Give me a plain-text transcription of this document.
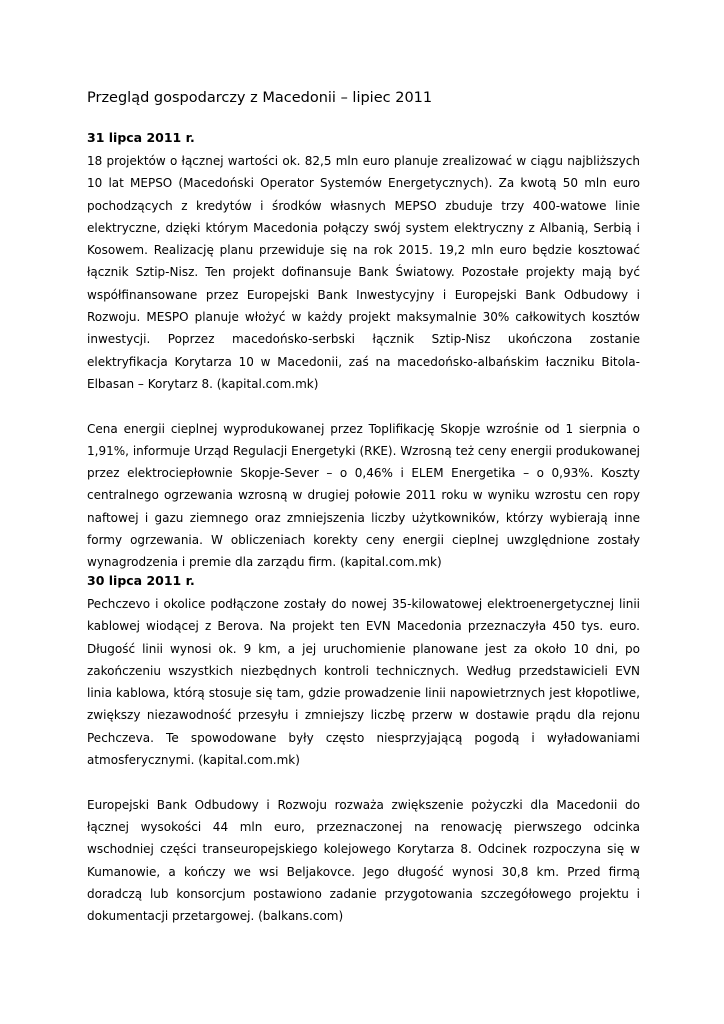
Przegląd gospodarczy z Macedonii – lipiec 2011
31 lipca 2011 r.

18 projektów o łącznej wartości ok. 82,5 mln euro planuje zrealizować w ciągu najbliższych 10 lat MEPSO (Macedoński Operator Systemów Energetycznych). Za kwotą 50 mln euro pochodzących z kredytów i środków własnych MEPSO zbuduje trzy 400-watowe linie elektryczne, dzięki którym Macedonia połączy swój system elektryczny z Albanią, Serbią i Kosowem. Realizację planu przewiduje się na rok 2015. 19,2 mln euro będzie kosztować łącznik Sztip-Nisz. Ten projekt dofinansuje Bank Światowy. Pozostałe projekty mają być współfinansowane przez Europejski Bank Inwestycyjny i Europejski Bank Odbudowy i Rozwoju. MESPO planuje włożyć w każdy projekt maksymalnie 30% całkowitych kosztów inwestycji. Poprzez macedońsko-serbski łącznik Sztip-Nisz ukończona zostanie elektryfikacja Korytarza 10 w Macedonii, zaś na macedońsko-albańskim łaczniku Bitola-Elbasan – Korytarz 8. (kapital.com.mk)

Cena energii cieplnej wyprodukowanej przez Toplifikację Skopje wzrośnie od 1 sierpnia o 1,91%, informuje Urząd Regulacji Energetyki (RKE). Wzrosną też ceny energii produkowanej przez elektrociepłownie Skopje-Sever – o 0,46% i ELEM Energetika – o 0,93%. Koszty centralnego ogrzewania wzrosną w drugiej połowie 2011 roku w wyniku wzrostu cen ropy naftowej i gazu ziemnego oraz zmniejszenia liczby użytkowników, którzy wybierają inne formy ogrzewania. W obliczeniach korekty ceny energii cieplnej uwzględnione zostały wynagrodzenia i premie dla zarządu firm. (kapital.com.mk)

30 lipca 2011 r.

Pechczevo i okolice podłączone zostały do nowej 35-kilowatowej elektroenergetycznej linii kablowej wiodącej z Berova. Na projekt ten EVN Macedonia przeznaczyła 450 tys. euro. Długość linii wynosi ok. 9 km, a jej uruchomienie planowane jest za około 10 dni, po zakończeniu wszystkich niezbędnych kontroli technicznych. Według przedstawicieli EVN linia kablowa, którą stosuje się tam, gdzie prowadzenie linii napowietrznych jest kłopotliwe, zwiększy niezawodność przesyłu i zmniejszy liczbę przerw w dostawie prądu dla rejonu Pechczeva. Te spowodowane były często niesprzyjającą pogodą i wyładowaniami atmosferycznymi. (kapital.com.mk)

Europejski Bank Odbudowy i Rozwoju rozważa zwiększenie pożyczki dla Macedonii do łącznej wysokości 44 mln euro, przeznaczonej na renowację pierwszego odcinka wschodniej części transeuropejskiego kolejowego Korytarza 8. Odcinek rozpoczyna się w Kumanowie, a kończy we wsi Beljakovce. Jego długość wynosi 30,8 km. Przed firmą doradczą lub konsorcjum postawiono zadanie przygotowania szczegółowego projektu i dokumentacji przetargowej. (balkans.com)
